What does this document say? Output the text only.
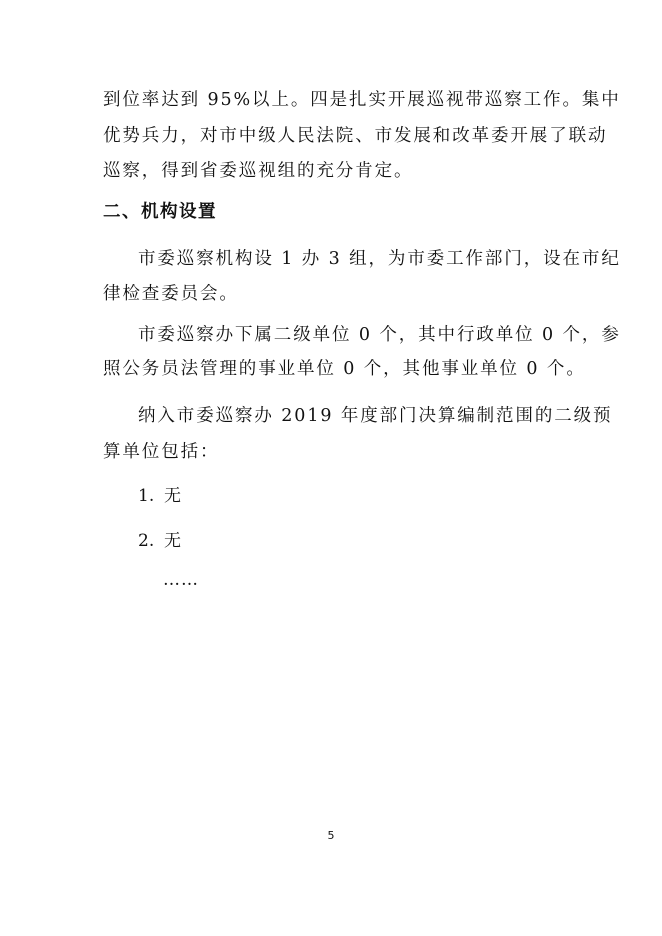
到位率达到 95%以上。四是扎实开展巡视带巡察工作。集中
优势兵力，对市中级人民法院、市发展和改革委开展了联动
巡察，得到省委巡视组的充分肯定。
二、机构设置
市委巡察机构设 1 办 3 组，为市委工作部门，设在市纪
律检查委员会。
市委巡察办下属二级单位 0 个，其中行政单位 0 个，参
照公务员法管理的事业单位 0 个，其他事业单位 0 个。
纳入市委巡察办 2019 年度部门决算编制范围的二级预
算单位包括：
1. 无
2. 无
……
5
